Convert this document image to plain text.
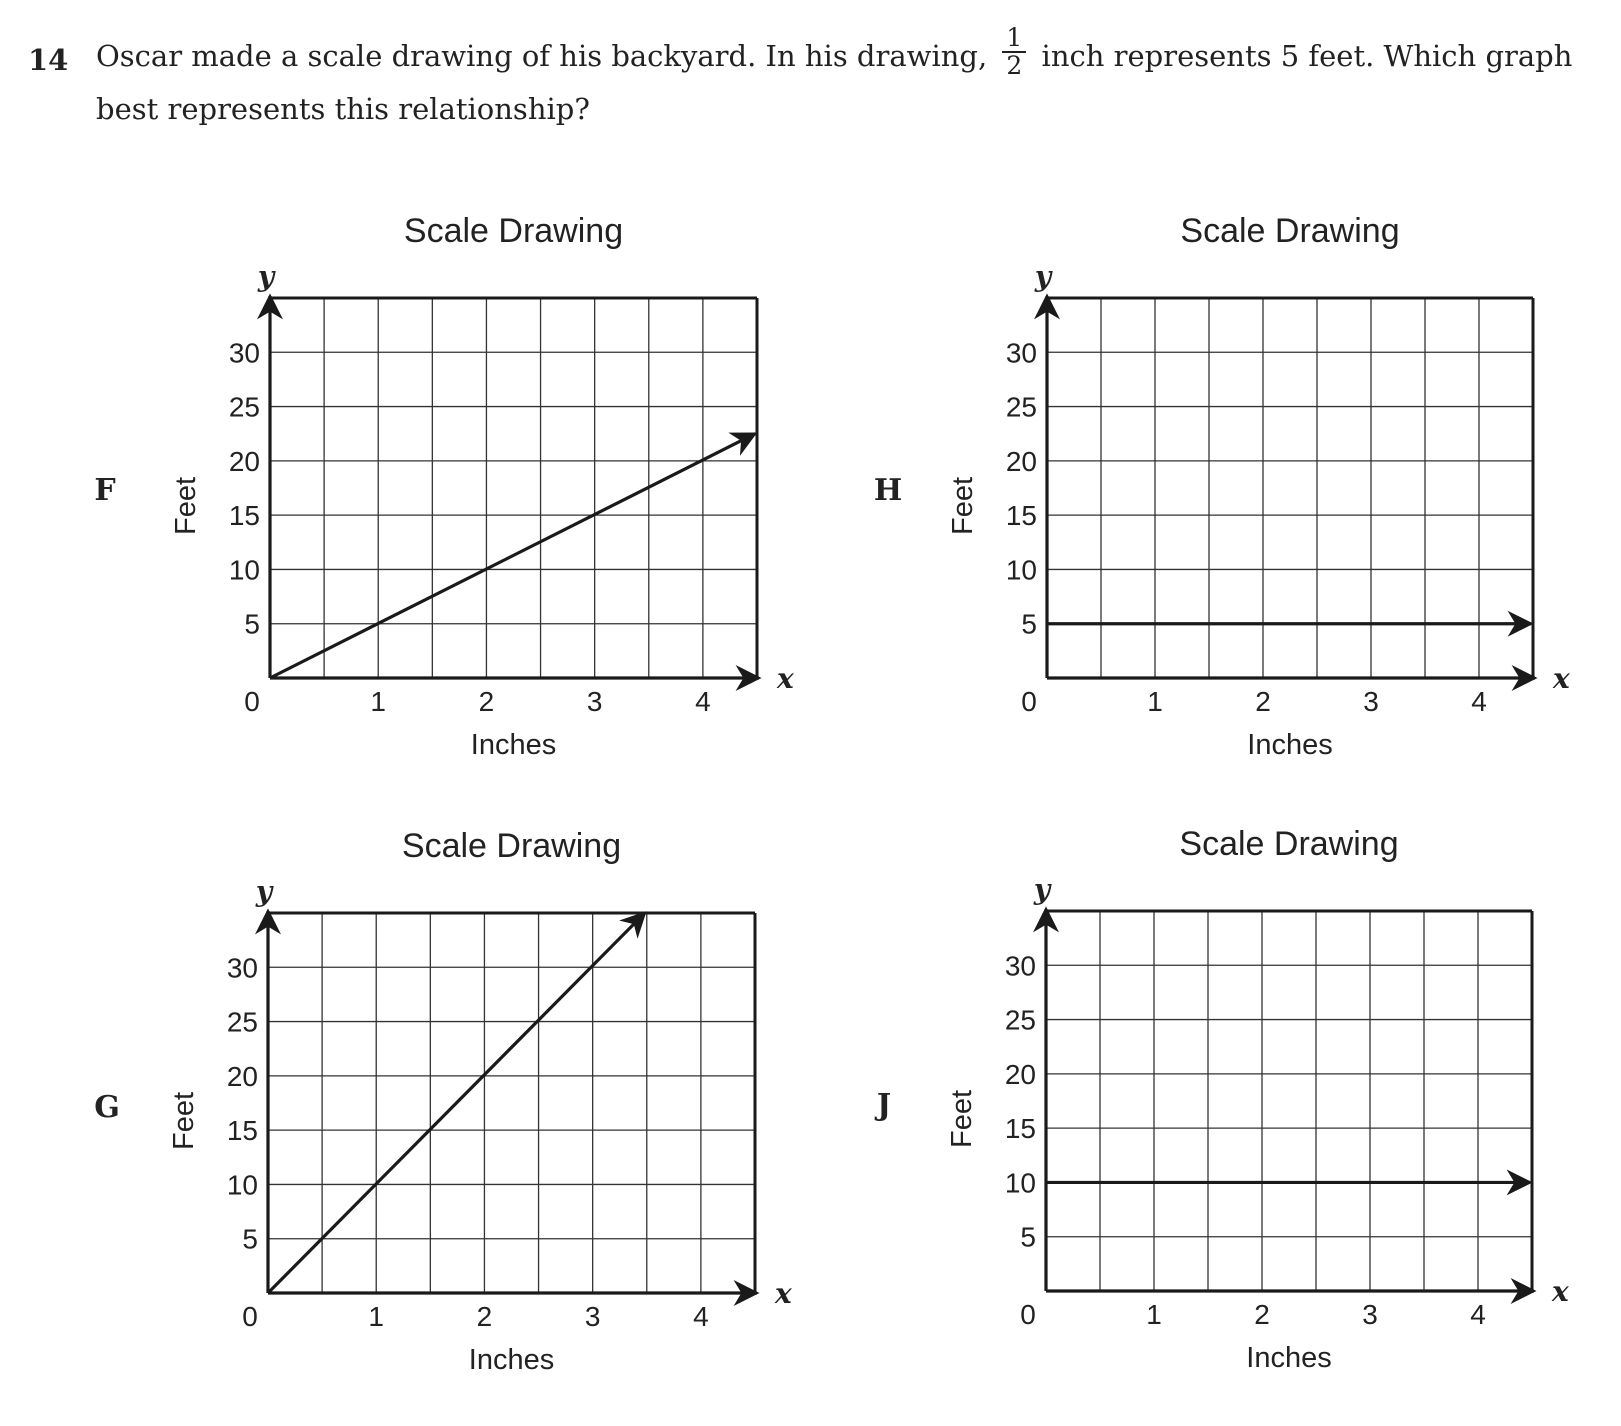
14 Oscar made a scale drawing of his backyard. In his drawing, $\frac{1}{2}$ inch represents 5 feet. Which graph
best represents this relationship?
F
Scale Drawing
x
y
0	1	2	3	4
5
10
15
20
25
30
Inches
Feet	H
Scale Drawing
x
y
0	1	2	3	4
5
10
15
20
25
30
Inches
Feet
G
Scale Drawing
x
y
0	1	2	3	4
5
10
15
20
25
30
Inches
Feet	J
Scale Drawing
x
y
0	1	2	3	4
5
10
15
20
25
30
Inches
Feet
